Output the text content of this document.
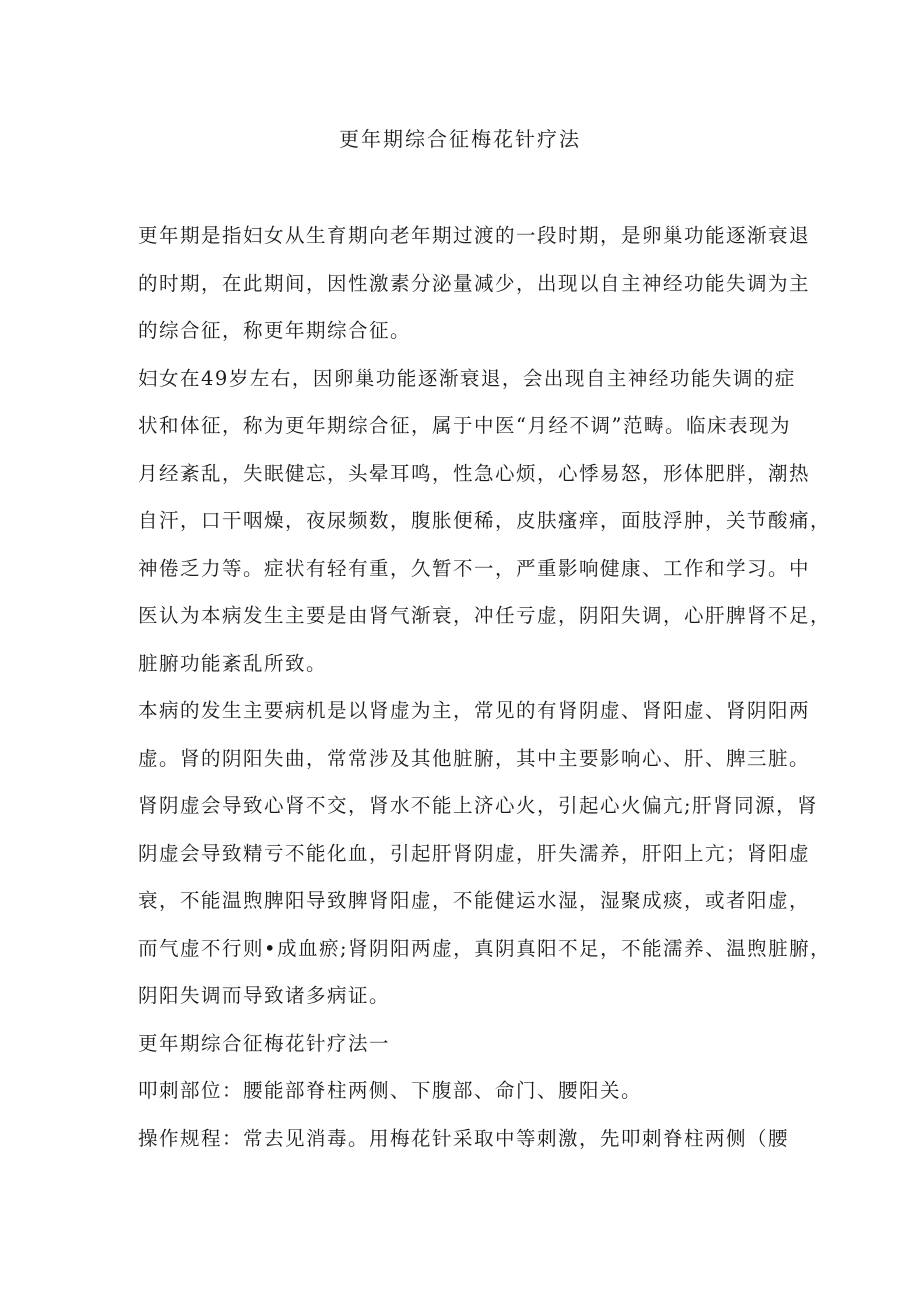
更年期综合征梅花针疗法

更年期是指妇女从生育期向老年期过渡的一段时期，是卵巢功能逐渐衰退
的时期，在此期间，因性激素分泌量减少，出现以自主神经功能失调为主
的综合征，称更年期综合征。

妇女在49岁左右，因卵巢功能逐渐衰退，会出现自主神经功能失调的症
状和体征，称为更年期综合征，属于中医“月经不调”范畴。临床表现为
月经紊乱，失眠健忘，头晕耳鸣，性急心烦，心悸易怒，形体肥胖，潮热
自汗，口干咽燥，夜尿频数，腹胀便稀，皮肤瘙痒，面肢浮肿，关节酸痛，
神倦乏力等。症状有轻有重，久暂不一，严重影响健康、工作和学习。中
医认为本病发生主要是由肾气渐衰，冲任亏虚，阴阳失调，心肝脾肾不足，
脏腑功能紊乱所致。

本病的发生主要病机是以肾虚为主，常见的有肾阴虚、肾阳虚、肾阴阳两
虚。肾的阴阳失曲，常常涉及其他脏腑，其中主要影响心、肝、脾三脏。
肾阴虚会导致心肾不交，肾水不能上济心火，引起心火偏亢;肝肾同源，肾
阴虚会导致精亏不能化血，引起肝肾阴虚，肝失濡养，肝阳上亢；肾阳虚
衰，不能温煦脾阳导致脾肾阳虚，不能健运水湿，湿聚成痰，或者阳虚，
而气虚不行则•成血瘀;肾阴阳两虚，真阴真阳不足，不能濡养、温煦脏腑，
阴阳失调而导致诸多病证。

更年期综合征梅花针疗法一

叩刺部位：腰能部脊柱两侧、下腹部、命门、腰阳关。

操作规程：常去见消毒。用梅花针采取中等刺激，先叩刺脊柱两侧（腰
